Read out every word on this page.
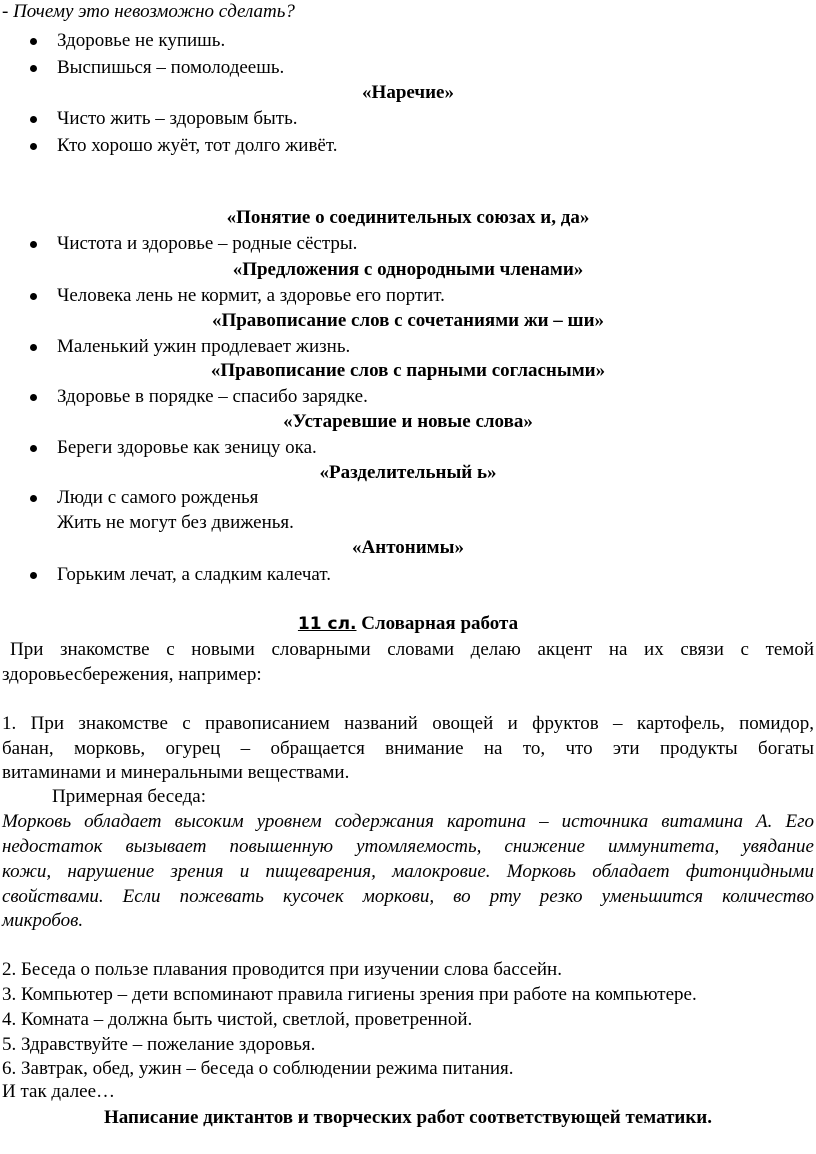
- Почему это невозможно сделать?
Здоровье не купишь.
Выспишься – помолодеешь.
«Наречие»
Чисто жить – здоровым быть.
Кто хорошо жуёт, тот долго живёт.
«Понятие о соединительных союзах и, да»
Чистота и здоровье – родные сёстры.
«Предложения с однородными членами»
Человека лень не кормит, а здоровье его портит.
«Правописание слов с сочетаниями жи – ши»
Маленький ужин продлевает жизнь.
«Правописание слов с парными согласными»
Здоровье в порядке – спасибо зарядке.
«Устаревшие и новые слова»
Береги здоровье как зеницу ока.
«Разделительный ь»
Люди с самого рожденья
Жить не могут без движенья.
«Антонимы»
Горьким лечат, а сладким калечат.
11 сл. Словарная работа
При знакомстве с новыми словарными словами делаю акцент на их связи с темой
здоровьесбережения, например:
1. При знакомстве с правописанием названий овощей и фруктов – картофель, помидор,
банан, морковь, огурец – обращается внимание на то, что эти продукты богаты
витаминами и минеральными веществами.
Примерная беседа:
Морковь обладает высоким уровнем содержания каротина – источника витамина А. Его
недостаток вызывает повышенную утомляемость, снижение иммунитета, увядание
кожи, нарушение зрения и пищеварения, малокровие. Морковь обладает фитонцидными
свойствами. Если пожевать кусочек моркови, во рту резко уменьшится количество
микробов.
2. Беседа о пользе плавания проводится при изучении слова бассейн.
3. Компьютер – дети вспоминают правила гигиены зрения при работе на компьютере.
4. Комната – должна быть чистой, светлой, проветренной.
5. Здравствуйте – пожелание здоровья.
6. Завтрак, обед, ужин – беседа о соблюдении режима питания.
И так далее…
Написание диктантов и творческих работ соответствующей тематики.
